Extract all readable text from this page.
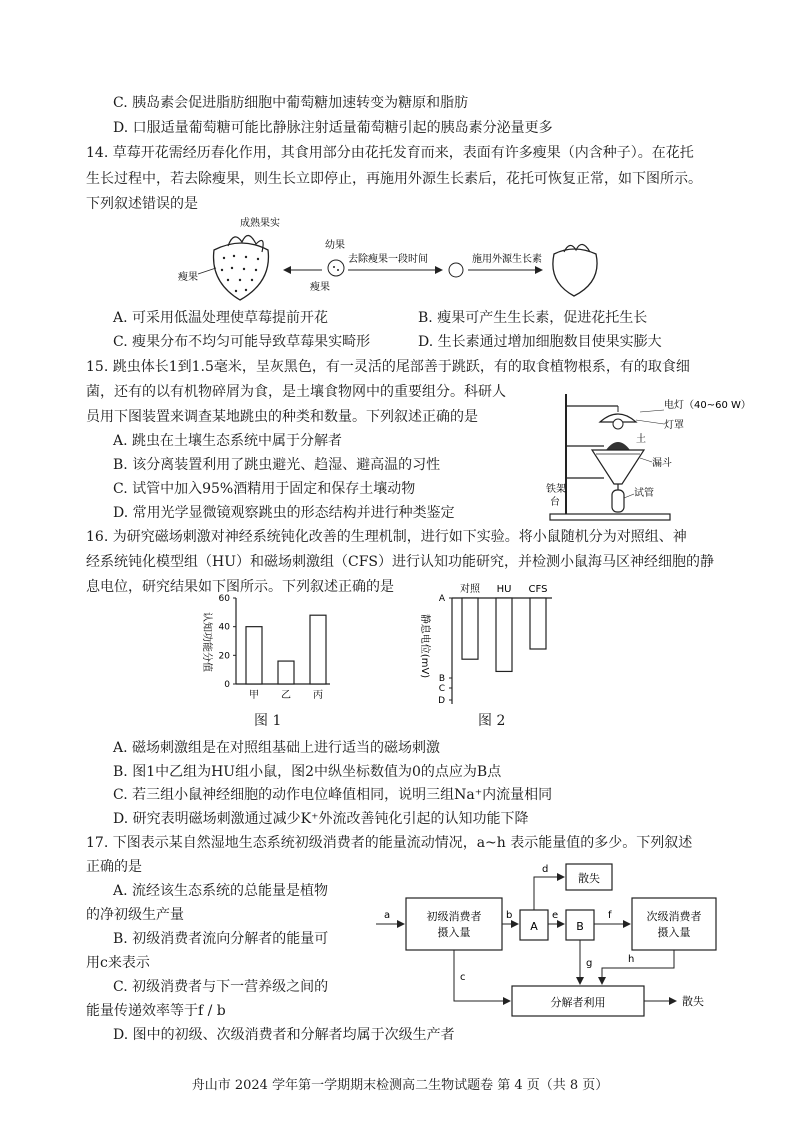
C. 胰岛素会促进脂肪细胞中葡萄糖加速转变为糖原和脂肪
D. 口服适量葡萄糖可能比静脉注射适量葡萄糖引起的胰岛素分泌量更多
14. 草莓开花需经历春化作用，其食用部分由花托发育而来，表面有许多瘦果（内含种子）。在花托
生长过程中，若去除瘦果，则生长立即停止，再施用外源生长素后，花托可恢复正常，如下图所示。
下列叙述错误的是
成熟果实
瘦果
幼果
瘦果
去除瘦果一段时间	施用外源生长素
A. 可采用低温处理使草莓提前开花	B. 瘦果可产生生长素，促进花托生长
C. 瘦果分布不均匀可能导致草莓果实畸形	D. 生长素通过增加细胞数目使果实膨大
15. 跳虫体长1到1.5毫米，呈灰黑色，有一灵活的尾部善于跳跃，有的取食植物根系，有的取食细
菌，还有的以有机物碎屑为食，是土壤食物网中的重要组分。科研人
员用下图装置来调查某地跳虫的种类和数量。下列叙述正确的是
A. 跳虫在土壤生态系统中属于分解者
B. 该分离装置利用了跳虫避光、趋湿、避高温的习性
C. 试管中加入95%酒精用于固定和保存土壤动物
D. 常用光学显微镜观察跳虫的形态结构并进行种类鉴定
电灯（40~60 W）
灯罩
土
漏斗
铁架
台
试管
16. 为研究磁场刺激对神经系统钝化改善的生理机制，进行如下实验。将小鼠随机分为对照组、神
经系统钝化模型组（HU）和磁场刺激组（CFS）进行认知功能研究，并检测小鼠海马区神经细胞的静
息电位，研究结果如下图所示。下列叙述正确的是
0
20
40
60
认知功能分值
甲 乙 丙
A
B
C
D
静息电位(mV)
对照 HU CFS
图 1	图 2
A. 磁场刺激组是在对照组基础上进行适当的磁场刺激
B. 图1中乙组为HU组小鼠，图2中纵坐标数值为0的点应为B点
C. 若三组小鼠神经细胞的动作电位峰值相同，说明三组Na⁺内流量相同
D. 研究表明磁场刺激通过减少K⁺外流改善钝化引起的认知功能下降
17. 下图表示某自然湿地生态系统初级消费者的能量流动情况，a~h 表示能量值的多少。下列叙述
正确的是
A. 流经该生态系统的总能量是植物
的净初级生产量
B. 初级消费者流向分解者的能量可
用c来表示
C. 初级消费者与下一营养级之间的
能量传递效率等于f / b
D. 图中的初级、次级消费者和分解者均属于次级生产者
初级消费者
摄入量	A	B
次级消费者
摄入量
散失
分解者利用
a	b	e	f
d
c
g	h
散失
舟山市 2024 学年第一学期期末检测高二生物试题卷 第 4 页（共 8 页）
